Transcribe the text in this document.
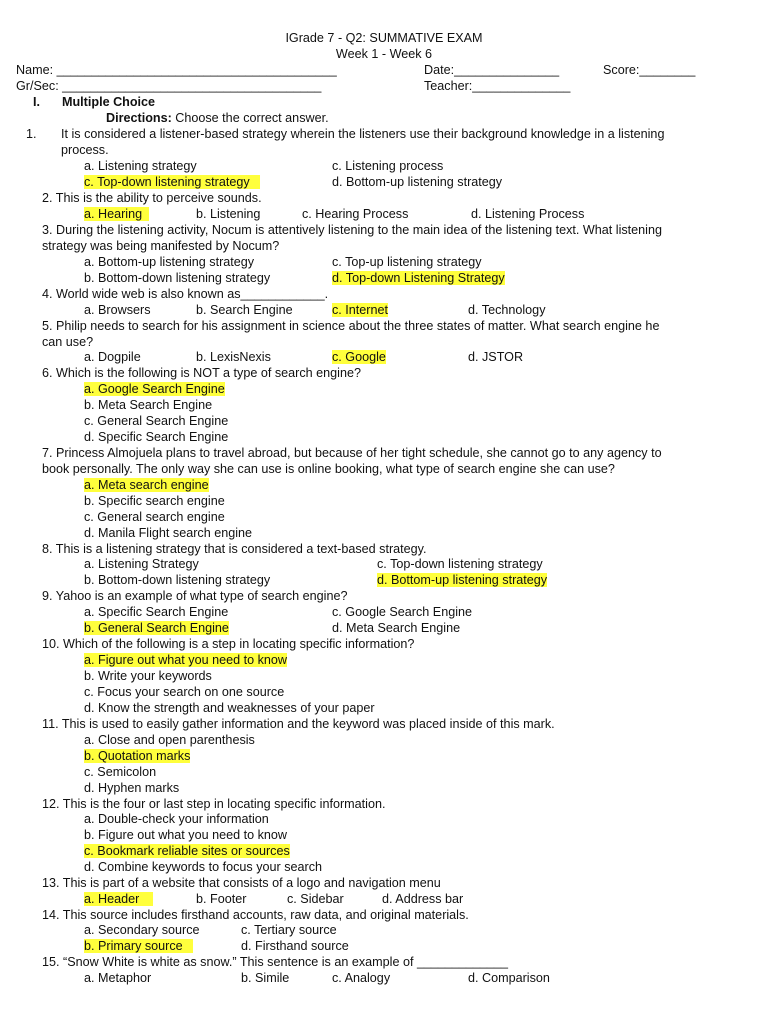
IGrade 7 - Q2: SUMMATIVE EXAM
Week 1 - Week 6
Name: ________________________________________	Date:_______________	Score:________
Gr/Sec: _____________________________________	Teacher:______________
I. Multiple Choice
Directions: Choose the correct answer.
1. It is considered a listener-based strategy wherein the listeners use their background knowledge in a listening
process.
a. Listening strategy	c. Listening process
c. Top-down listening strategy	d. Bottom-up listening strategy
2. This is the ability to perceive sounds.
a. Hearing	b. Listening	c. Hearing Process	d. Listening Process
3. During the listening activity, Nocum is attentively listening to the main idea of the listening text. What listening
strategy was being manifested by Nocum?
a. Bottom-up listening strategy	c. Top-up listening strategy
b. Bottom-down listening strategy	d. Top-down Listening Strategy
4. World wide web is also known as____________.
a. Browsers	b. Search Engine	c. Internet	d. Technology
5. Philip needs to search for his assignment in science about the three states of matter. What search engine he
can use?
a. Dogpile	b. LexisNexis	c. Google	d. JSTOR
6. Which is the following is NOT a type of search engine?
a. Google Search Engine
b. Meta Search Engine
c. General Search Engine
d. Specific Search Engine
7. Princess Almojuela plans to travel abroad, but because of her tight schedule, she cannot go to any agency to
book personally. The only way she can use is online booking, what type of search engine she can use?
a. Meta search engine
b. Specific search engine
c. General search engine
d. Manila Flight search engine
8. This is a listening strategy that is considered a text-based strategy.
a. Listening Strategy	c. Top-down listening strategy
b. Bottom-down listening strategy	d. Bottom-up listening strategy
9. Yahoo is an example of what type of search engine?
a. Specific Search Engine	c. Google Search Engine
b. General Search Engine	d. Meta Search Engine
10. Which of the following is a step in locating specific information?
a. Figure out what you need to know
b. Write your keywords
c. Focus your search on one source
d. Know the strength and weaknesses of your paper
11. This is used to easily gather information and the keyword was placed inside of this mark.
a. Close and open parenthesis
b. Quotation marks
c. Semicolon
d. Hyphen marks
12. This is the four or last step in locating specific information.
a. Double-check your information
b. Figure out what you need to know
c. Bookmark reliable sites or sources
d. Combine keywords to focus your search
13. This is part of a website that consists of a logo and navigation menu
a. Header	b. Footer	c. Sidebar	d. Address bar
14. This source includes firsthand accounts, raw data, and original materials.
a. Secondary source	c. Tertiary source
b. Primary source	d. Firsthand source
15. “Snow White is white as snow.” This sentence is an example of _____________
a. Metaphor	b. Simile	c. Analogy	d. Comparison
